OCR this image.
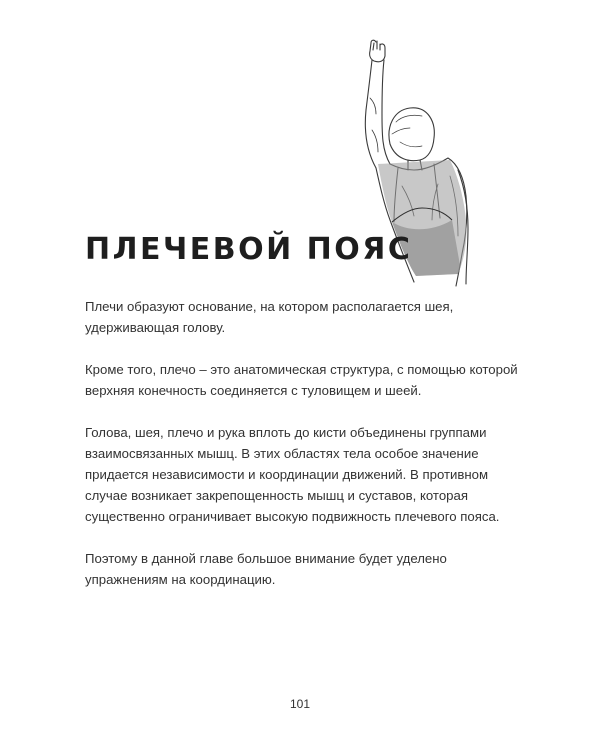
ПЛЕЧЕВОЙ ПОЯС

Плечи образуют основание, на котором располагается шея, удерживающая голову.

Кроме того, плечо – это анатомическая структура, с помощью которой верхняя конечность соединяется с туловищем и шеей.

Голова, шея, плечо и рука вплоть до кисти объединены группами взаимосвязанных мышц. В этих областях тела особое значение придается независимости и координации движений. В противном случае возникает закрепощенность мышц и суставов, которая существенно ограничивает высокую подвижность плечевого пояса.

Поэтому в данной главе большое внимание будет уделено упражнениям на координацию.

101
